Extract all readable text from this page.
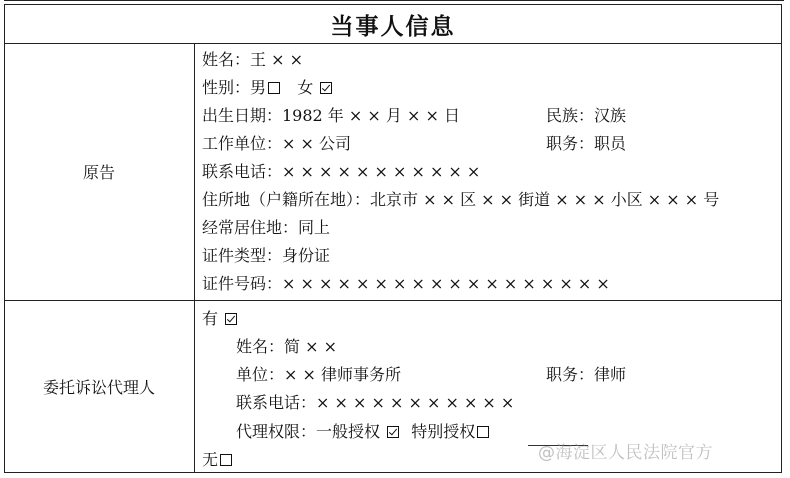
当事人信息
原告
姓名：王 × ×
性别：男 女
出生日期：1982 年 × × 月 × × 日	民族：汉族
工作单位：× × 公司	职务：职员
联系电话：× × × × × × × × × × ×
住所地（户籍所在地）：北京市 × × 区 × × 街道 × × × 小区 × × × 号
经常居住地：同上
证件类型：身份证
证件号码：× × × × × × × × × × × × × × × × × ×
委托诉讼代理人
有
姓名：简 × ×
单位：× × 律师事务所	职务：律师
联系电话：× × × × × × × × × × ×
代理权限：一般授权 特别授权
无	@海淀区人民法院官方
